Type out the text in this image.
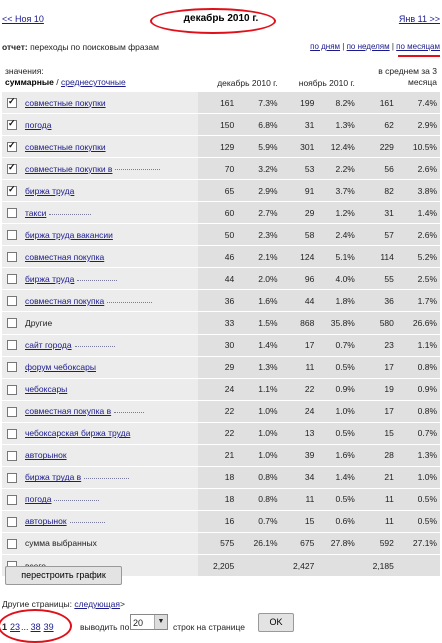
<< Ноя 10	декабрь 2010 г.	Янв 11 >>
отчет: переходы по поисковым фразам	по дням | по неделям | по месяцам
значения:
суммарные / среднесуточные		декабрь 2010 г.		ноябрь 2010 г.		в среднем за 3 месяца	
✓	совместные покупки	161	7.3%	199	8.2%	161	7.4%
✓	погода	150	6.8%	31	1.3%	62	2.9%
✓	совместные покупки	129	5.9%	301	12.4%	229	10.5%
✓	совместные покупки в	70	3.2%	53	2.2%	56	2.6%
✓	биржа труда	65	2.9%	91	3.7%	82	3.8%
	такси	60	2.7%	29	1.2%	31	1.4%
	биржа труда вакансии	50	2.3%	58	2.4%	57	2.6%
	совместная покупка	46	2.1%	124	5.1%	114	5.2%
	биржа труда	44	2.0%	96	4.0%	55	2.5%
	совместная покупка	36	1.6%	44	1.8%	36	1.7%
	Другие	33	1.5%	868	35.8%	580	26.6%
	сайт города	30	1.4%	17	0.7%	23	1.1%
	форум чебоксары	29	1.3%	11	0.5%	17	0.8%
	чебоксары	24	1.1%	22	0.9%	19	0.9%
	совместная покупка в	22	1.0%	24	1.0%	17	0.8%
	чебоксарская биржа труда	22	1.0%	13	0.5%	15	0.7%
	авторынок	21	1.0%	39	1.6%	28	1.3%
	биржа труда в	18	0.8%	34	1.4%	21	1.0%
	погода	18	0.8%	11	0.5%	11	0.5%
	авторынок	16	0.7%	15	0.6%	11	0.5%
	сумма выбранных	575	26.1%	675	27.8%	592	27.1%
		2,205		2,427		2,185	
перестроить график
Другие страницы: следующая>
1 23... 38 39	выводить по 20	▼
строк на странице	OK
